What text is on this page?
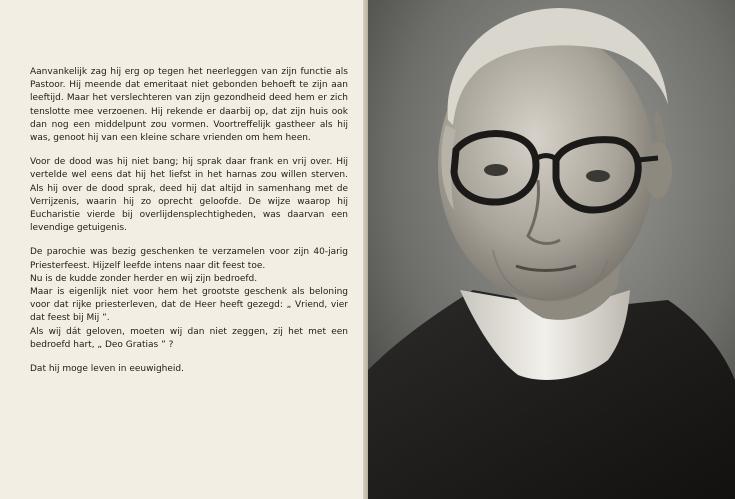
Aanvankelijk zag hij erg op tegen het neerleggen van zijn functie als Pastoor. Hij meende dat emeritaat niet gebonden behoeft te zijn aan leeftijd. Maar het verslechteren van zijn gezondheid deed hem er zich tenslotte mee verzoenen. Hij rekende er daarbij op, dat zijn huis ook dan nog een middelpunt zou vormen. Voortreffelijk gastheer als hij was, genoot hij van een kleine schare vrienden om hem heen.

Voor de dood was hij niet bang; hij sprak daar frank en vrij over. Hij vertelde wel eens dat hij het liefst in het harnas zou willen sterven. Als hij over de dood sprak, deed hij dat altijd in samenhang met de Verrijzenis, waarin hij zo oprecht geloofde. De wijze waarop hij Eucharistie vierde bij overlijdensplechtigheden, was daarvan een levendige getuigenis.

De parochie was bezig geschenken te verzamelen voor zijn 40-jarig Priesterfeest. Hijzelf leefde intens naar dit feest toe.
Nu is de kudde zonder herder en wij zijn bedroefd.
Maar is eigenlijk niet voor hem het grootste geschenk als beloning voor dat rijke priesterleven, dat de Heer heeft gezegd: „ Vriend, vier dat feest bij Mij ”.
Als wij dát geloven, moeten wij dan niet zeggen, zij het met een bedroefd hart, „ Deo Gratias ” ?

Dat hij moge leven in eeuwigheid.
